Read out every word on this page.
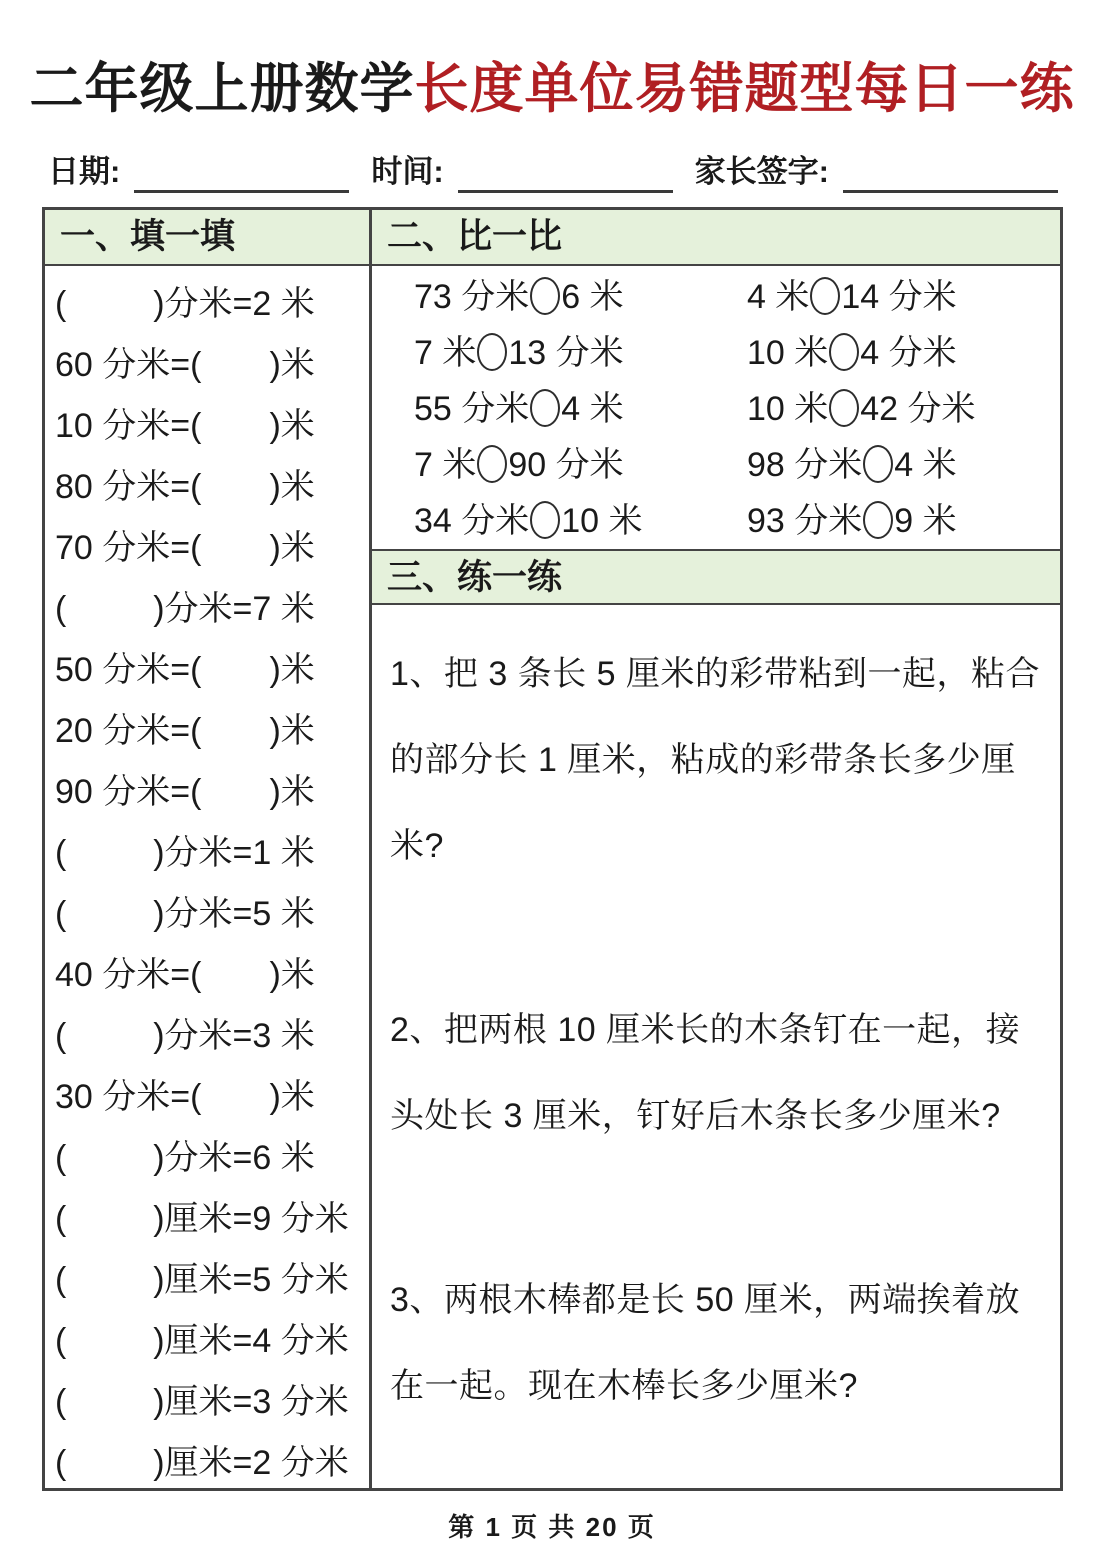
二年级上册数学长度单位易错题型每日一练
日期:	时间:	家长签字:
一、填一填
(　　  )分米=2 米
60 分米=(　　)米
10 分米=(　　)米
80 分米=(　　)米
70 分米=(　　)米
(　　  )分米=7 米
50 分米=(　　)米
20 分米=(　　)米
90 分米=(　　)米
(　　  )分米=1 米
(　　  )分米=5 米
40 分米=(　　)米
(　　  )分米=3 米
30 分米=(　　)米
(　　  )分米=6 米
(　　  )厘米=9 分米
(　　  )厘米=5 分米
(　　  )厘米=4 分米
(　　  )厘米=3 分米
(　　  )厘米=2 分米
二、比一比
73 分米 6 米	4 米 14 分米
7 米 13 分米	10 米 4 分米
55 分米 4 米	10 米 42 分米
7 米 90 分米	98 分米 4 米
34 分米 10 米	93 分米 9 米
三、练一练
1、把 3 条长 5 厘米的彩带粘到一起，粘合的部分长 1 厘米，粘成的彩带条长多少厘米?
2、把两根 10 厘米长的木条钉在一起，接头处长 3 厘米，钉好后木条长多少厘米?
3、两根木棒都是长 50 厘米，两端挨着放在一起。现在木棒长多少厘米?
第 1 页 共 20 页
